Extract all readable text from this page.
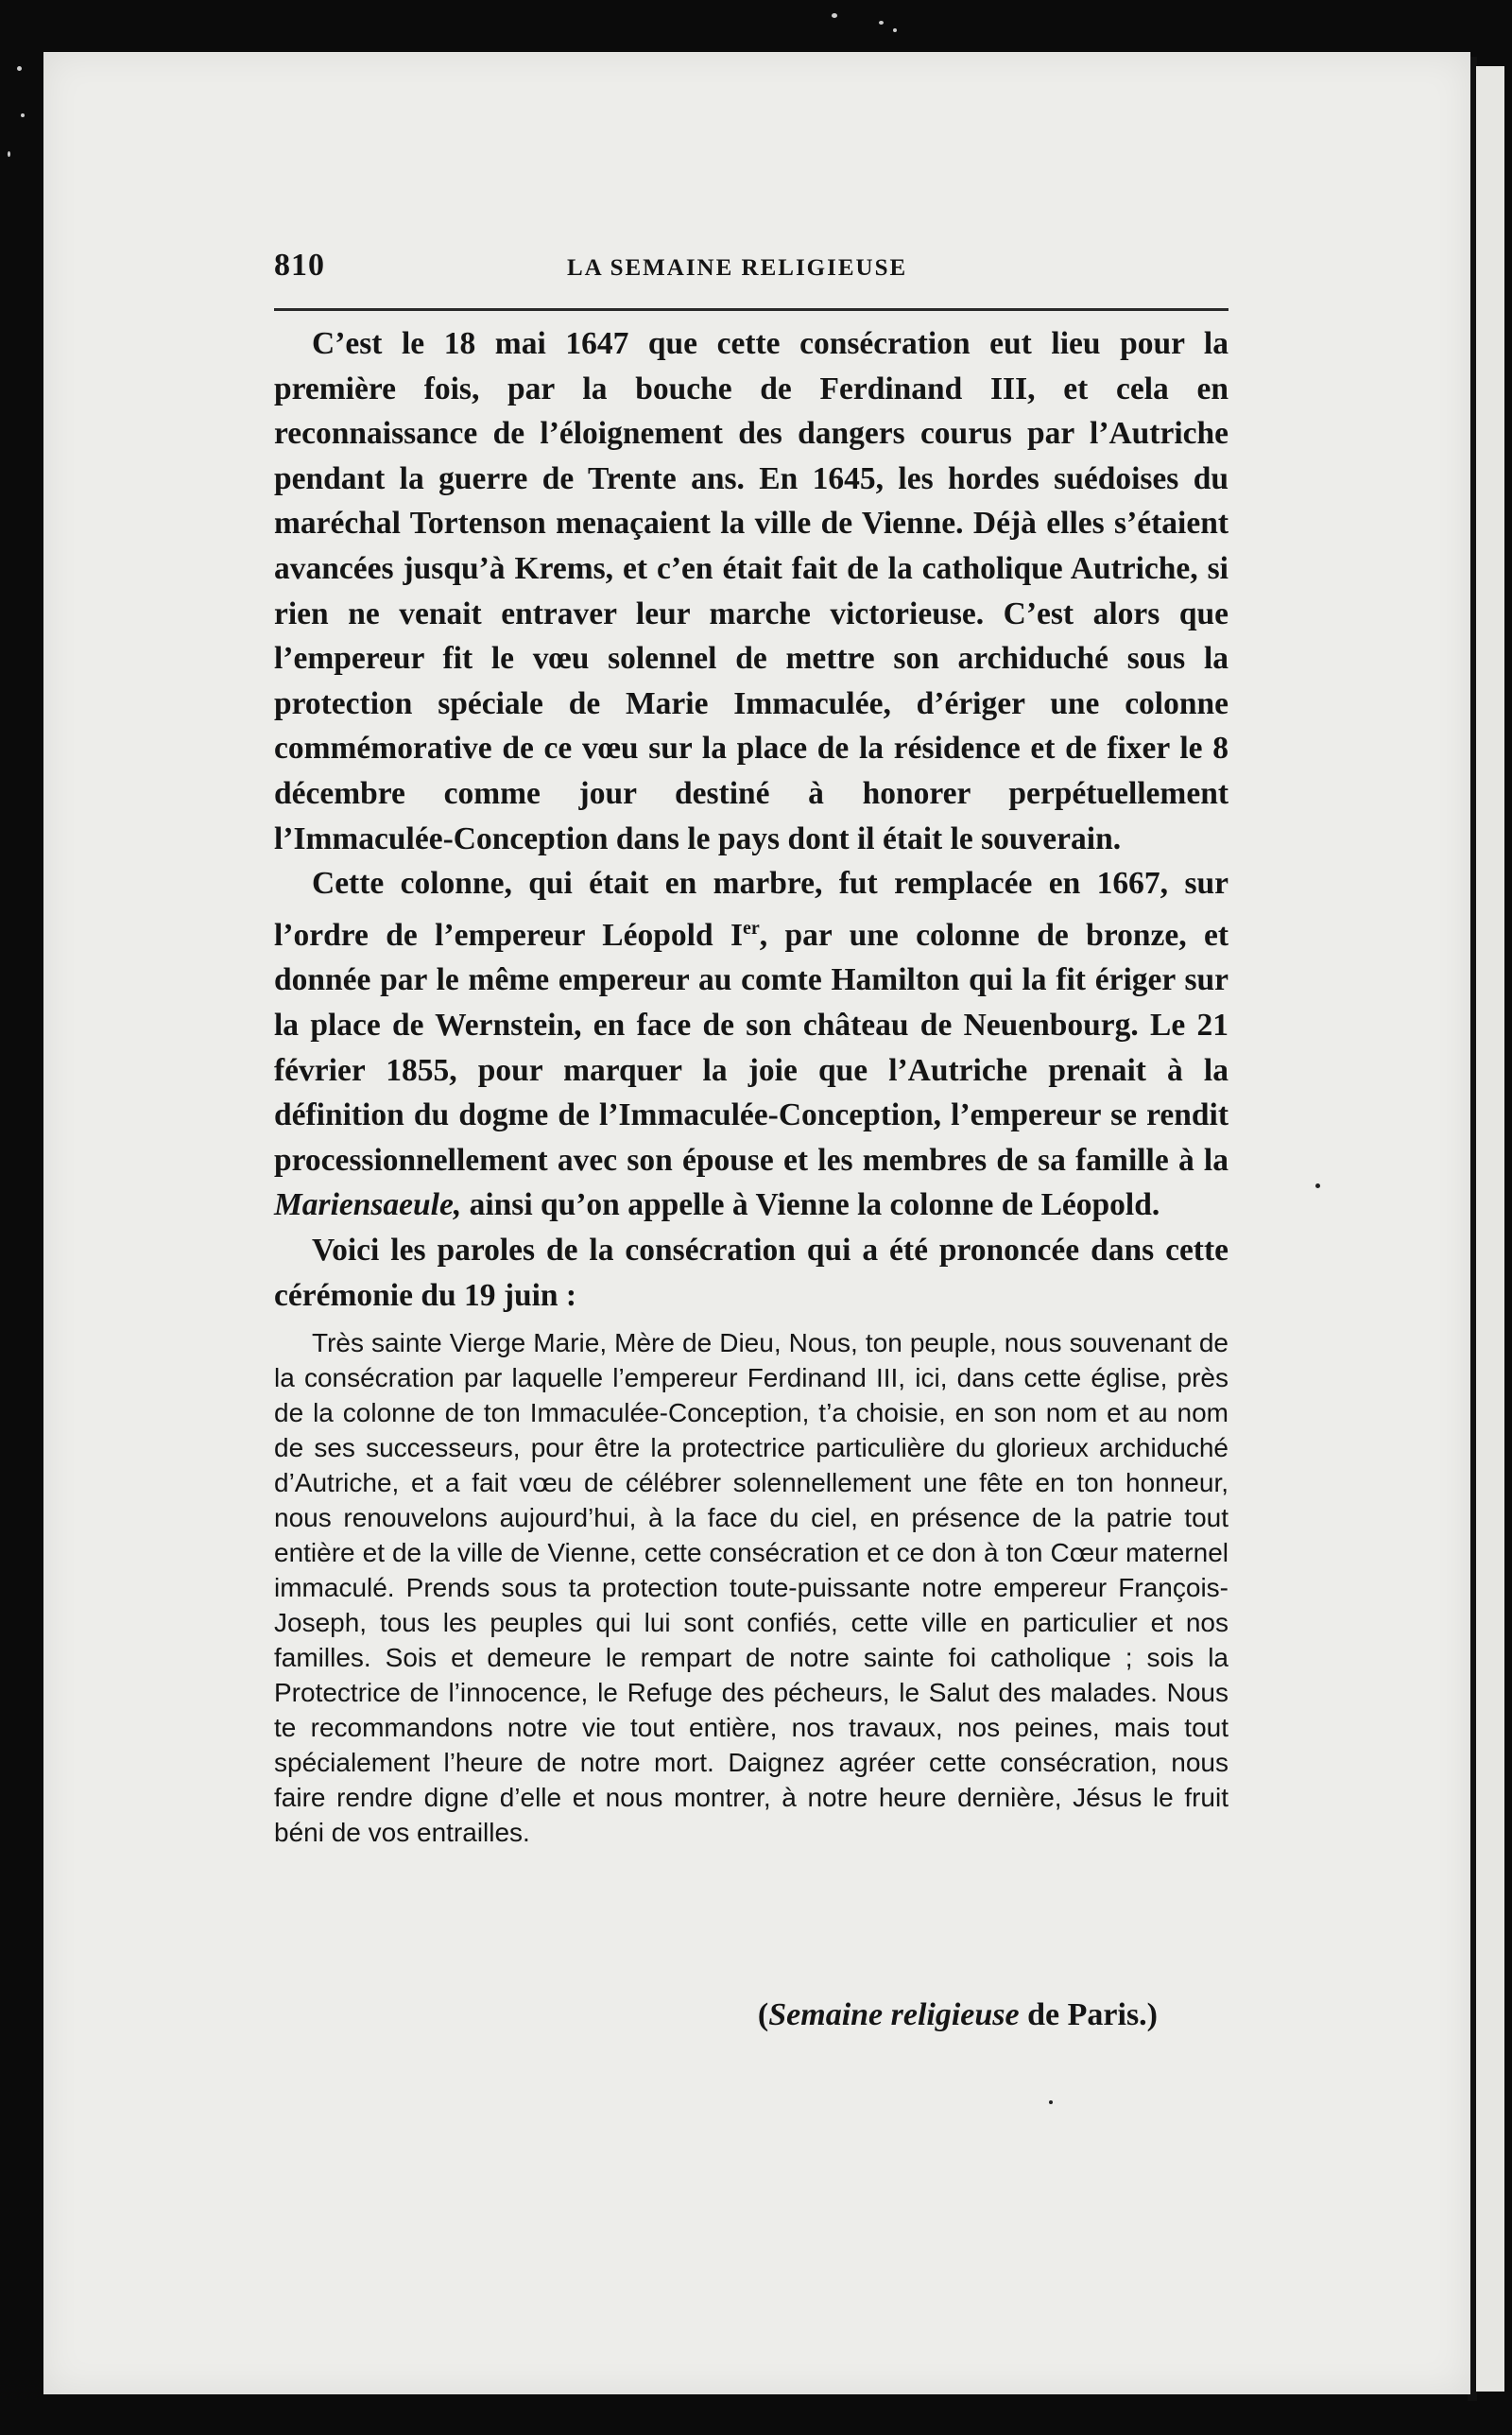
810	LA SEMAINE RELIGIEUSE

C’est le 18 mai 1647 que cette consécration eut lieu pour la première fois, par la bouche de Ferdinand III, et cela en reconnaissance de l’éloignement des dangers courus par l’Autriche pendant la guerre de Trente ans. En 1645, les hordes suédoises du maréchal Tortenson menaçaient la ville de Vienne. Déjà elles s’étaient avancées jusqu’à Krems, et c’en était fait de la catholique Autriche, si rien ne venait entraver leur marche victorieuse. C’est alors que l’empereur fit le vœu solennel de mettre son archiduché sous la protection spéciale de Marie Immaculée, d’ériger une colonne commémorative de ce vœu sur la place de la résidence et de fixer le 8 décembre comme jour destiné à honorer perpétuellement l’Immaculée-Conception dans le pays dont il était le souverain.

Cette colonne, qui était en marbre, fut remplacée en 1667, sur l’ordre de l’empereur Léopold Ier, par une colonne de bronze, et donnée par le même empereur au comte Hamilton qui la fit ériger sur la place de Wernstein, en face de son château de Neuenbourg. Le 21 février 1855, pour marquer la joie que l’Autriche prenait à la définition du dogme de l’Immaculée-Conception, l’empereur se rendit processionnellement avec son épouse et les membres de sa famille à la Mariensaeule, ainsi qu’on appelle à Vienne la colonne de Léopold.

Voici les paroles de la consécration qui a été prononcée dans cette cérémonie du 19 juin :

Très sainte Vierge Marie, Mère de Dieu, Nous, ton peuple, nous souvenant de la consécration par laquelle l’empereur Ferdinand III, ici, dans cette église, près de la colonne de ton Immaculée-Conception, t’a choisie, en son nom et au nom de ses successeurs, pour être la protectrice particulière du glorieux archiduché d’Autriche, et a fait vœu de célébrer solennellement une fête en ton honneur, nous renouvelons aujourd’hui, à la face du ciel, en présence de la patrie tout entière et de la ville de Vienne, cette consécration et ce don à ton Cœur maternel immaculé. Prends sous ta protection toute-puissante notre empereur François-Joseph, tous les peuples qui lui sont confiés, cette ville en particulier et nos familles. Sois et demeure le rempart de notre sainte foi catholique ; sois la Protectrice de l’innocence, le Refuge des pécheurs, le Salut des malades. Nous te recommandons notre vie tout entière, nos travaux, nos peines, mais tout spécialement l’heure de notre mort. Daignez agréer cette consécration, nous faire rendre digne d’elle et nous montrer, à notre heure dernière, Jésus le fruit béni de vos entrailles.

(Semaine religieuse de Paris.)
